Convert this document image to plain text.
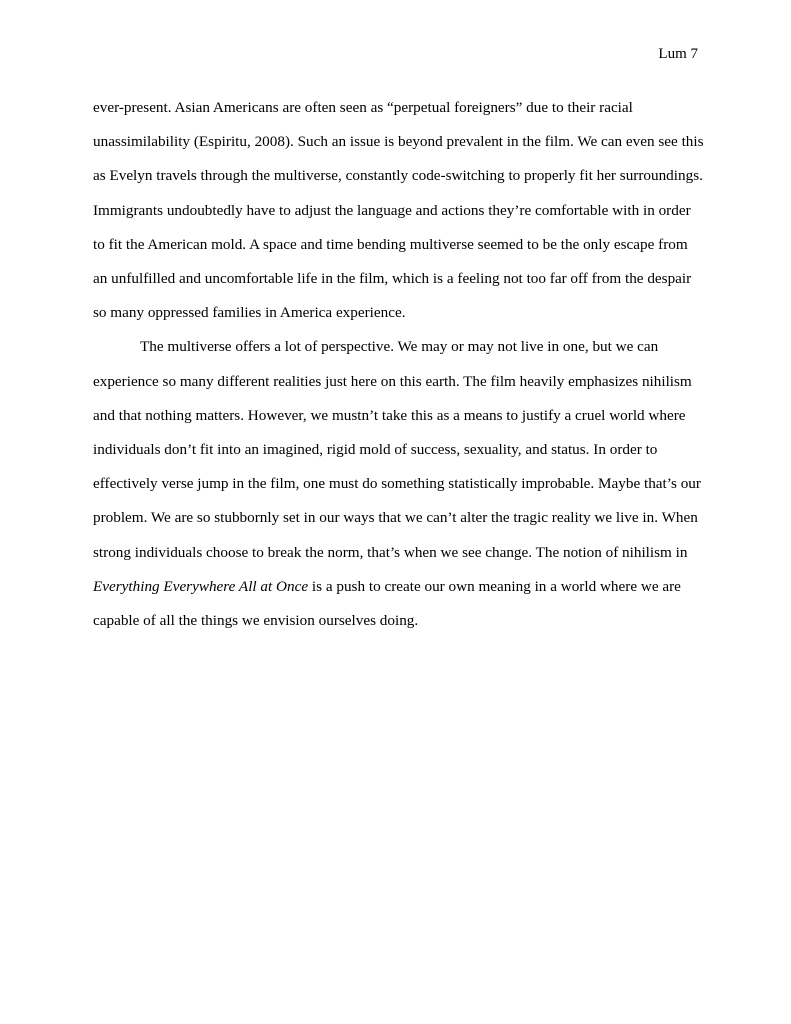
Lum 7

ever-present. Asian Americans are often seen as “perpetual foreigners” due to their racial unassimilability (Espiritu, 2008). Such an issue is beyond prevalent in the film. We can even see this as Evelyn travels through the multiverse, constantly code-switching to properly fit her surroundings. Immigrants undoubtedly have to adjust the language and actions they’re comfortable with in order to fit the American mold. A space and time bending multiverse seemed to be the only escape from an unfulfilled and uncomfortable life in the film, which is a feeling not too far off from the despair so many oppressed families in America experience.

The multiverse offers a lot of perspective. We may or may not live in one, but we can experience so many different realities just here on this earth. The film heavily emphasizes nihilism and that nothing matters. However, we mustn’t take this as a means to justify a cruel world where individuals don’t fit into an imagined, rigid mold of success, sexuality, and status. In order to effectively verse jump in the film, one must do something statistically improbable. Maybe that’s our problem. We are so stubbornly set in our ways that we can’t alter the tragic reality we live in. When strong individuals choose to break the norm, that’s when we see change. The notion of nihilism in Everything Everywhere All at Once is a push to create our own meaning in a world where we are capable of all the things we envision ourselves doing.
